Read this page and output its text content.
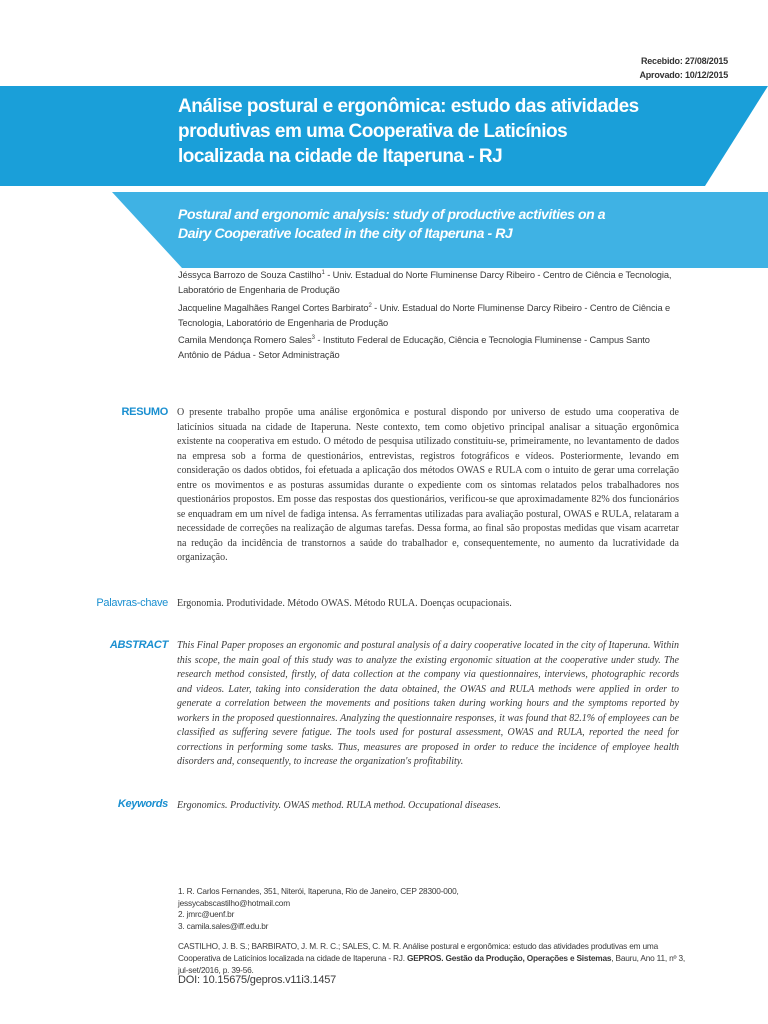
Recebido: 27/08/2015
Aprovado: 10/12/2015
Análise postural e ergonômica: estudo das atividades produtivas em uma Cooperativa de Laticínios localizada na cidade de Itaperuna - RJ
Postural and ergonomic analysis: study of productive activities on a Dairy Cooperative located in the city of Itaperuna - RJ

Jéssyca Barrozo de Souza Castilho$^1$ - Univ. Estadual do Norte Fluminense Darcy Ribeiro - Centro de Ciência e Tecnologia, Laboratório de Engenharia de Produção

Jacqueline Magalhães Rangel Cortes Barbirato$^2$ - Univ. Estadual do Norte Fluminense Darcy Ribeiro - Centro de Ciência e Tecnologia, Laboratório de Engenharia de Produção

Camila Mendonça Romero Sales$^3$ - Instituto Federal de Educação, Ciência e Tecnologia Fluminense - Campus Santo Antônio de Pádua - Setor Administração

RESUMO O presente trabalho propõe uma análise ergonômica e postural dispondo por universo de estudo uma cooperativa de laticínios situada na cidade de Itaperuna. Neste contexto, tem como objetivo principal analisar a situação ergonômica existente na cooperativa em estudo. O método de pesquisa utilizado constituiu-se, primeiramente, no levantamento de dados na empresa sob a forma de questionários, entrevistas, registros fotográficos e vídeos. Posteriormente, levando em consideração os dados obtidos, foi efetuada a aplicação dos métodos OWAS e RULA com o intuito de gerar uma correlação entre os movimentos e as posturas assumidas durante o expediente com os sintomas relatados pelos trabalhadores nos questionários propostos. Em posse das respostas dos questionários, verificou-se que aproximadamente 82% dos funcionários se enquadram em um nível de fadiga intensa. As ferramentas utilizadas para avaliação postural, OWAS e RULA, relataram a necessidade de correções na realização de algumas tarefas. Dessa forma, ao final são propostas medidas que visam acarretar na redução da incidência de transtornos a saúde do trabalhador e, consequentemente, no aumento da lucratividade da organização.

Palavras-chave Ergonomia. Produtividade. Método OWAS. Método RULA. Doenças ocupacionais.

ABSTRACT This Final Paper proposes an ergonomic and postural analysis of a dairy cooperative located in the city of Itaperuna. Within this scope, the main goal of this study was to analyze the existing ergonomic situation at the cooperative under study. The research method consisted, firstly, of data collection at the company via questionnaires, interviews, photographic records and videos. Later, taking into consideration the data obtained, the OWAS and RULA methods were applied in order to generate a correlation between the movements and positions taken during working hours and the symptoms reported by workers in the proposed questionnaires. Analyzing the questionnaire responses, it was found that 82.1% of employees can be classified as suffering severe fatigue. The tools used for postural assessment, OWAS and RULA, reported the need for corrections in performing some tasks. Thus, measures are proposed in order to reduce the incidence of employee health disorders and, consequently, to increase the organization's profitability.

Keywords Ergonomics. Productivity. OWAS method. RULA method. Occupational diseases.

1. R. Carlos Fernandes, 351, Niterói, Itaperuna, Rio de Janeiro, CEP 28300-000,

jessycabscastilho@hotmail.com

2. jmrc@uenf.br

3. camila.sales@iff.edu.br

CASTILHO, J. B. S.; BARBIRATO, J. M. R. C.; SALES, C. M. R. Análise postural e ergonômica: estudo das atividades produtivas em uma Cooperativa de Laticínios localizada na cidade de Itaperuna - RJ. GEPROS. Gestão da Produção, Operações e Sistemas, Bauru, Ano 11, nº 3, jul-set/2016, p. 39-56.

DOI: 10.15675/gepros.v11i3.1457
